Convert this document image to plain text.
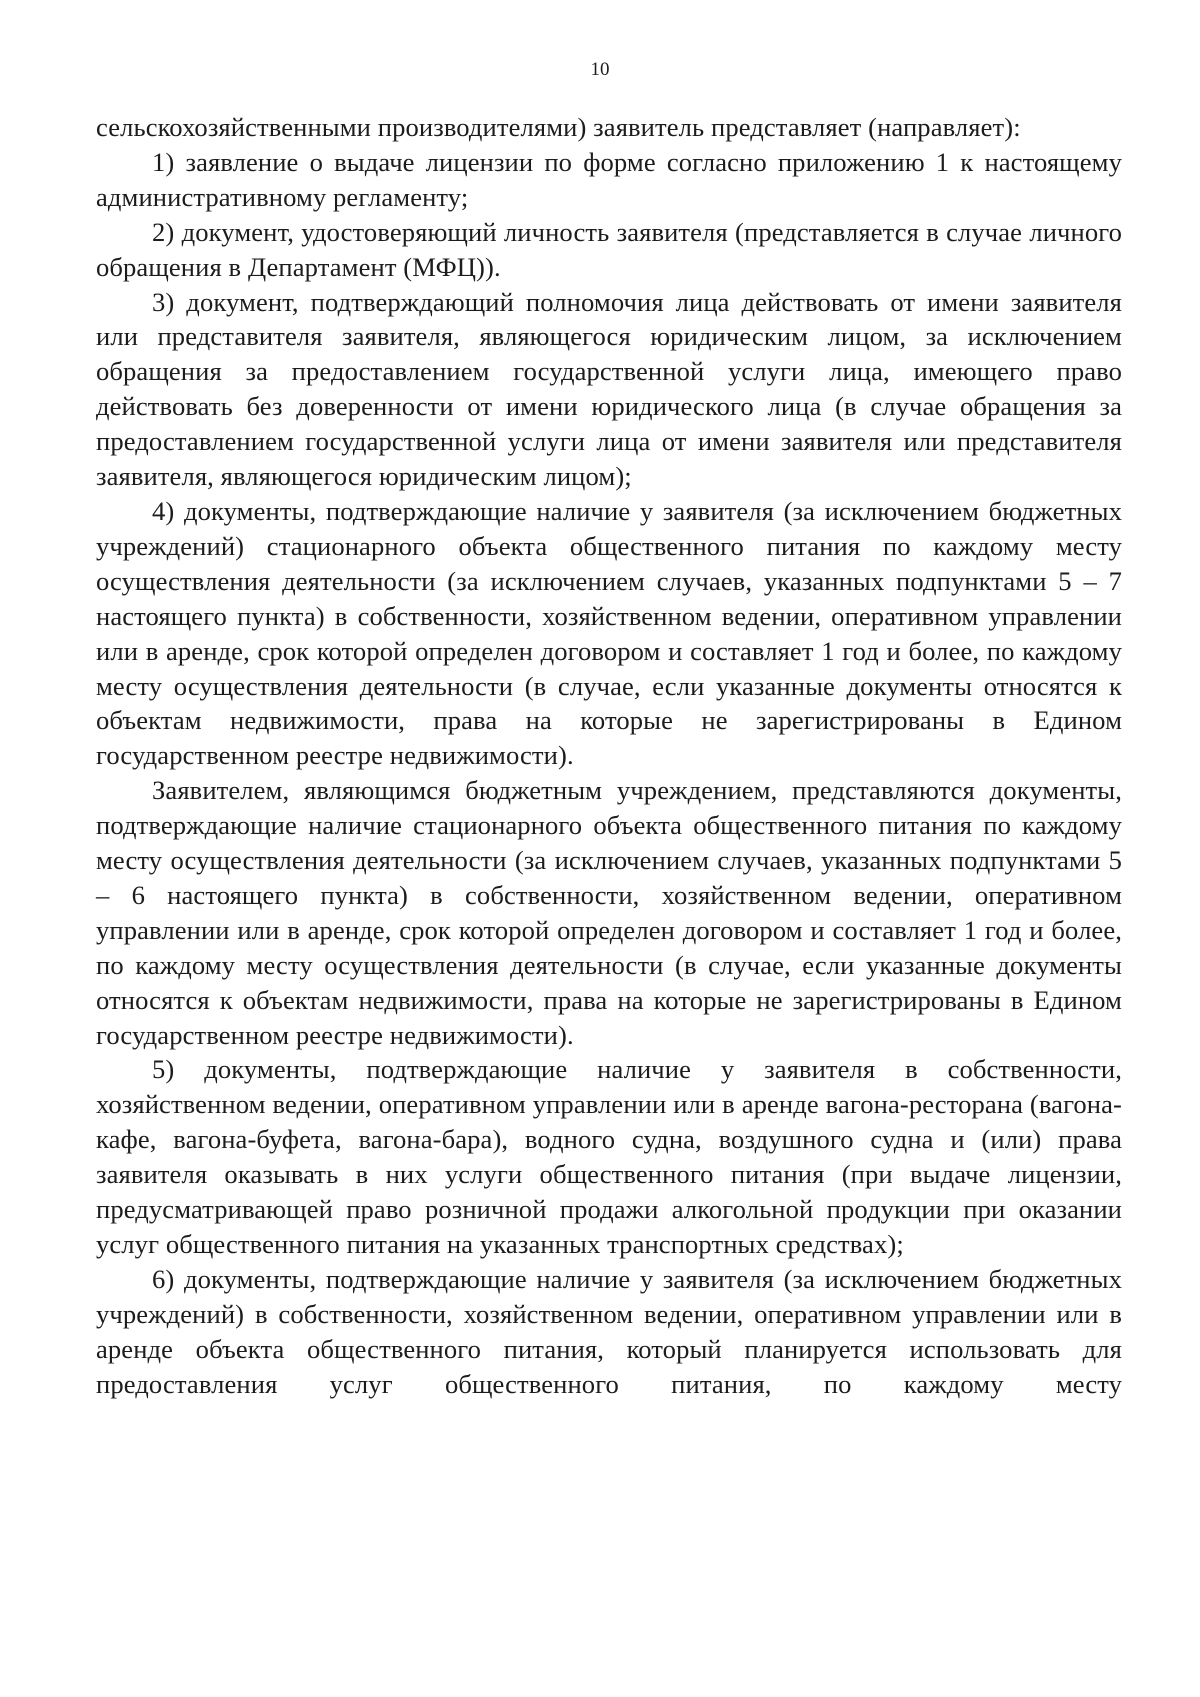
10

сельскохозяйственными производителями) заявитель представляет (направляет):

1) заявление о выдаче лицензии по форме согласно приложению 1 к настоящему административному регламенту;

2) документ, удостоверяющий личность заявителя (представляется в случае личного обращения в Департамент (МФЦ)).

3) документ, подтверждающий полномочия лица действовать от имени заявителя или представителя заявителя, являющегося юридическим лицом, за исключением обращения за предоставлением государственной услуги лица, имеющего право действовать без доверенности от имени юридического лица (в случае обращения за предоставлением государственной услуги лица от имени заявителя или представителя заявителя, являющегося юридическим лицом);

4) документы, подтверждающие наличие у заявителя (за исключением бюджетных учреждений) стационарного объекта общественного питания по каждому месту осуществления деятельности (за исключением случаев, указанных подпунктами 5 – 7 настоящего пункта) в собственности, хозяйственном ведении, оперативном управлении или в аренде, срок которой определен договором и составляет 1 год и более, по каждому месту осуществления деятельности (в случае, если указанные документы относятся к объектам недвижимости, права на которые не зарегистрированы в Едином государственном реестре недвижимости).

Заявителем, являющимся бюджетным учреждением, представляются документы, подтверждающие наличие стационарного объекта общественного питания по каждому месту осуществления деятельности (за исключением случаев, указанных подпунктами 5 – 6 настоящего пункта) в собственности, хозяйственном ведении, оперативном управлении или в аренде, срок которой определен договором и составляет 1 год и более, по каждому месту осуществления деятельности (в случае, если указанные документы относятся к объектам недвижимости, права на которые не зарегистрированы в Едином государственном реестре недвижимости).

5) документы, подтверждающие наличие у заявителя в собственности, хозяйственном ведении, оперативном управлении или в аренде вагона-ресторана (вагона-кафе, вагона-буфета, вагона-бара), водного судна, воздушного судна и (или) права заявителя оказывать в них услуги общественного питания (при выдаче лицензии, предусматривающей право розничной продажи алкогольной продукции при оказании услуг общественного питания на указанных транспортных средствах);

6) документы, подтверждающие наличие у заявителя (за исключением бюджетных учреждений) в собственности, хозяйственном ведении, оперативном управлении или в аренде объекта общественного питания, который планируется использовать для предоставления услуг общественного питания, по каждому месту
